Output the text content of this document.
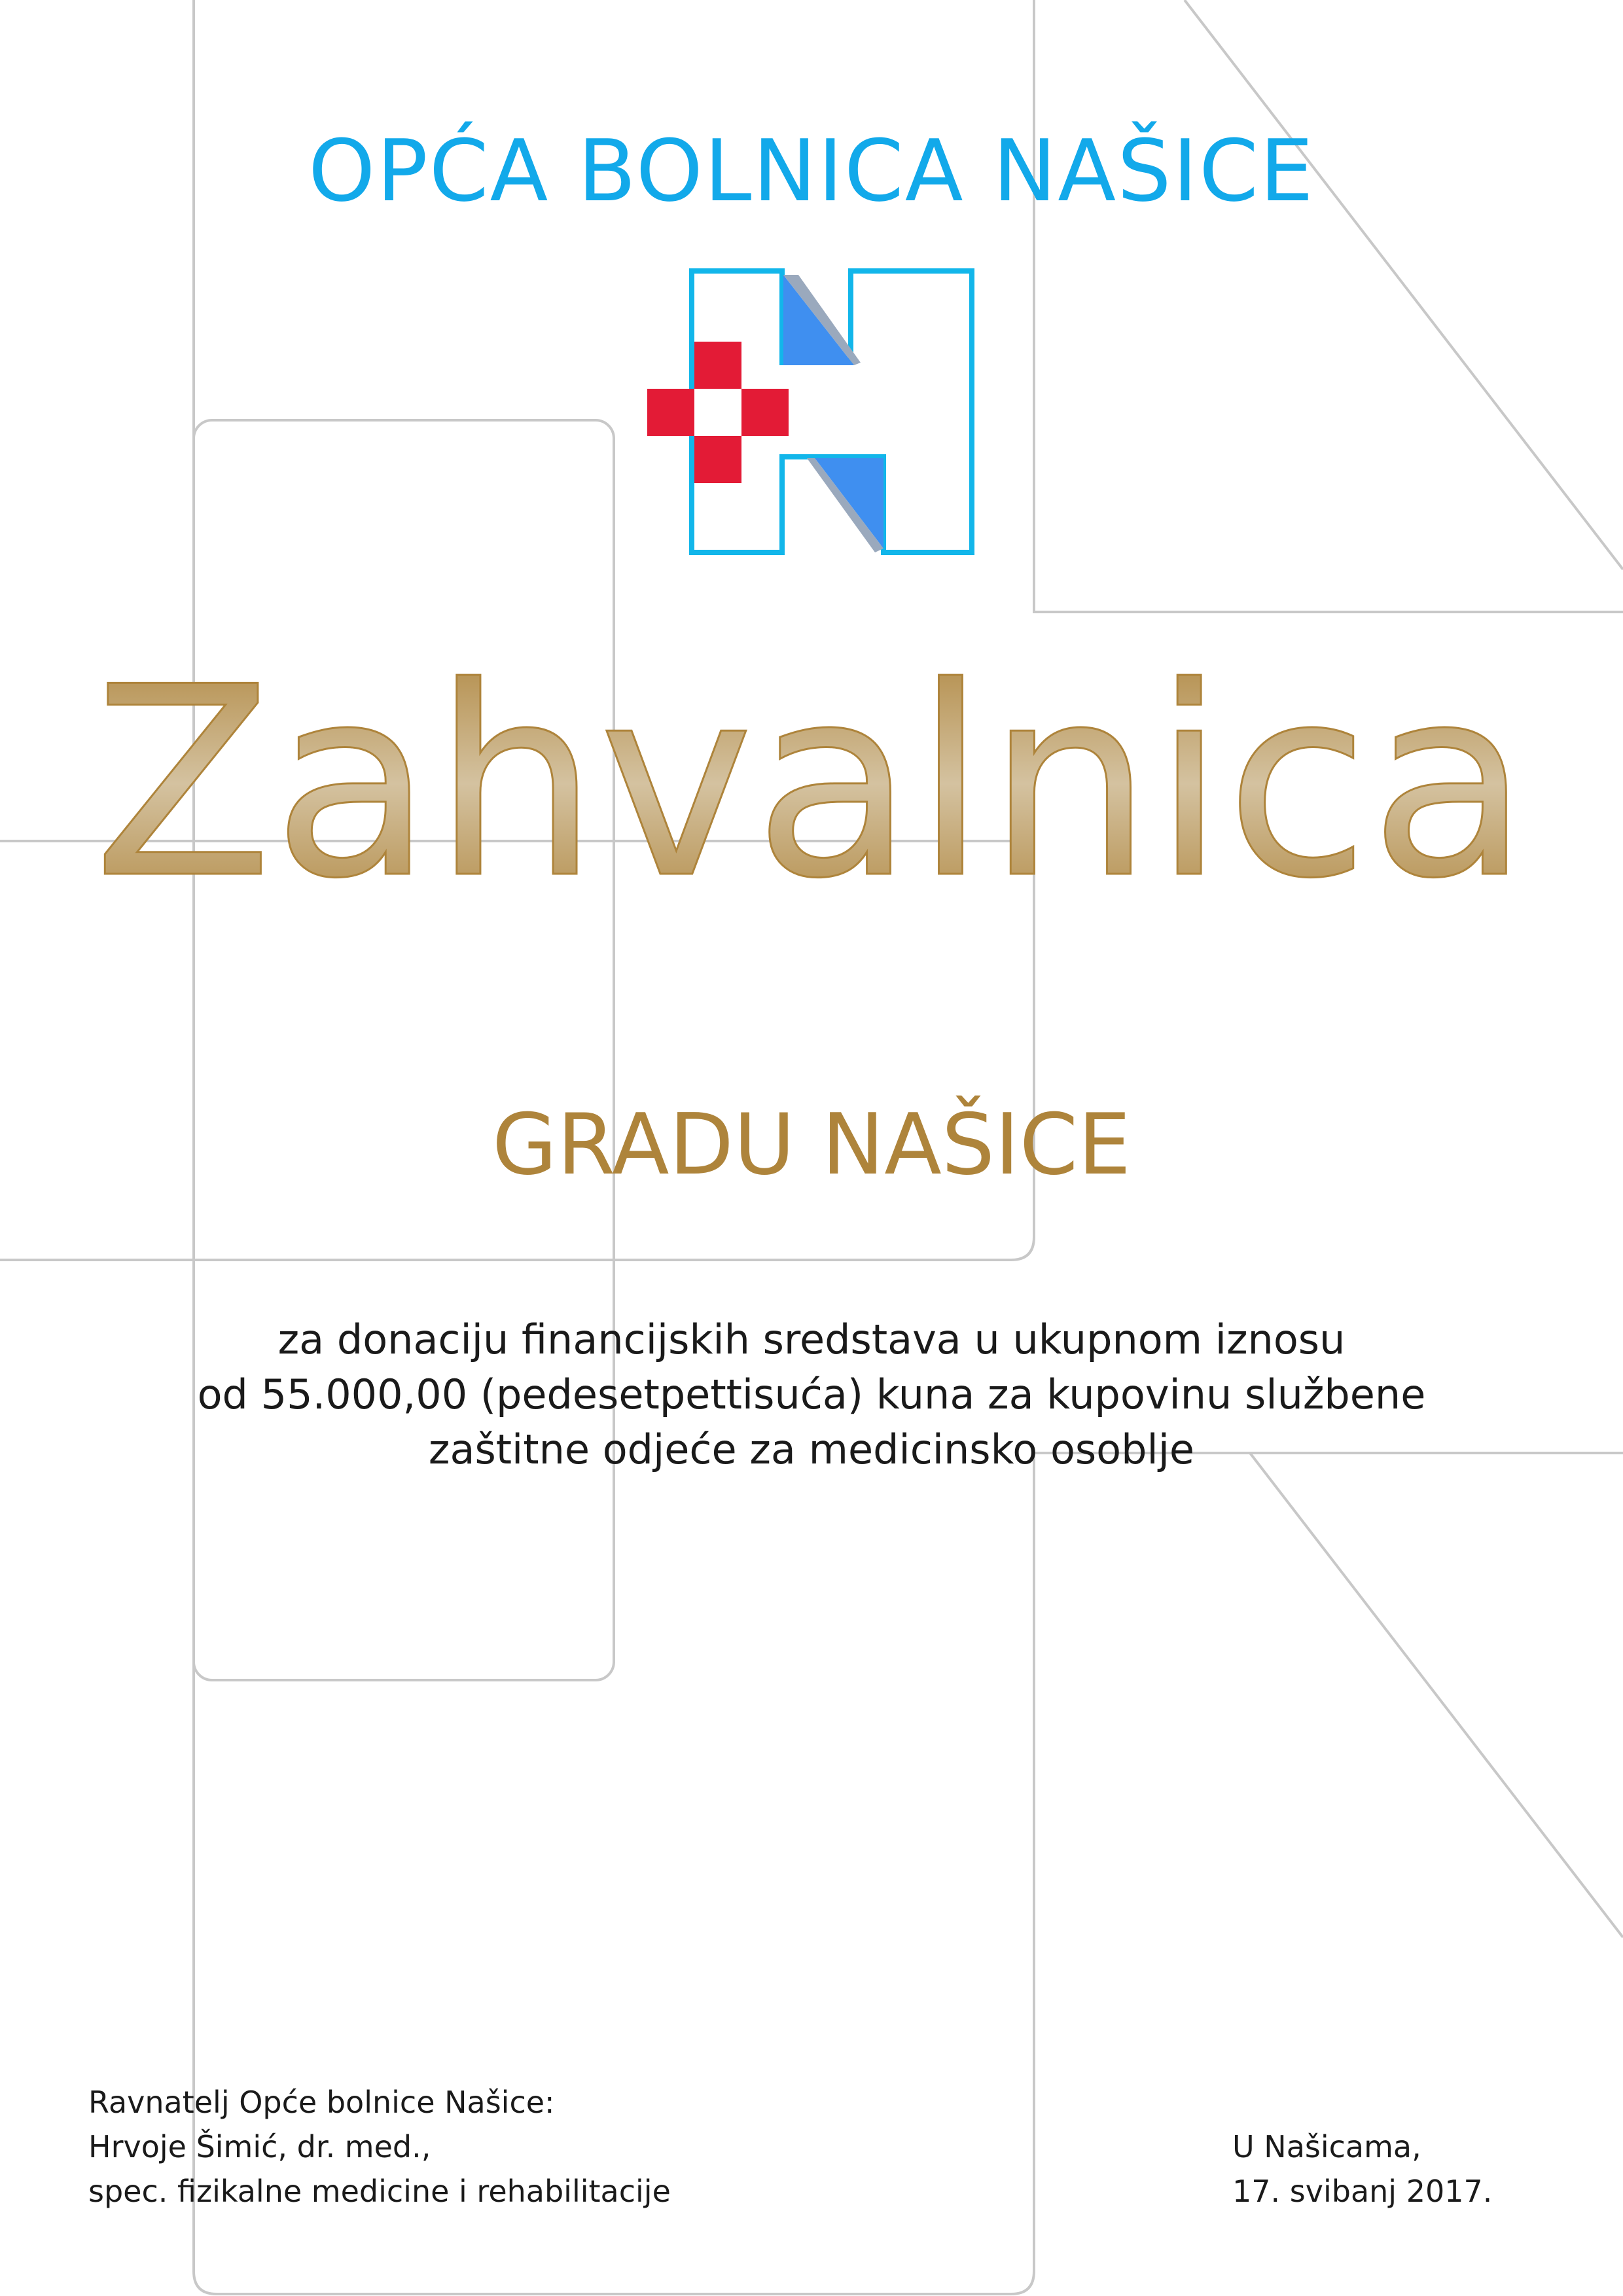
OPĆA BOLNICA NAŠICE
Zahvalnica
GRADU NAŠICE
za donaciju financijskih sredstava u ukupnom iznosu
od 55.000,00 (pedesetpettisuća) kuna za kupovinu službene
zaštitne odjeće za medicinsko osoblje
Ravnatelj Opće bolnice Našice:
Hrvoje Šimić, dr. med.,
spec. fizikalne medicine i rehabilitacije
U Našicama,
17. svibanj 2017.
